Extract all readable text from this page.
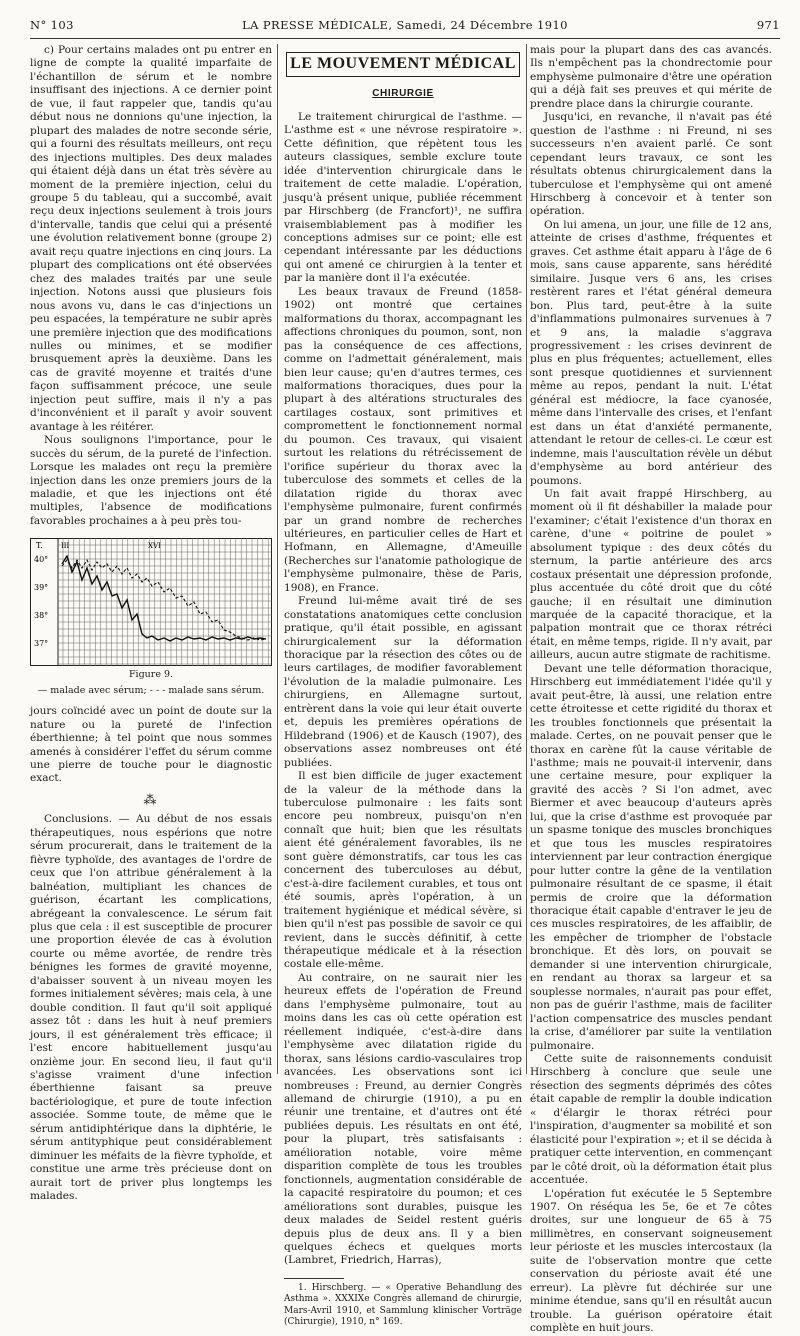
N° 103	LA PRESSE MÉDICALE, Samedi, 24 Décembre 1910	971

c) Pour certains malades ont pu entrer en ligne de compte la qualité imparfaite de l'échantillon de sérum et le nombre insuffisant des injections. A ce dernier point de vue, il faut rappeler que, tandis qu'au début nous ne donnions qu'une injection, la plupart des malades de notre seconde série, qui a fourni des résultats meilleurs, ont reçu des injections multiples. Des deux malades qui étaient déjà dans un état très sévère au moment de la première injection, celui du groupe 5 du tableau, qui a succombé, avait reçu deux injections seulement à trois jours d'intervalle, tandis que celui qui a présenté une évolution relativement bonne (groupe 2) avait reçu quatre injections en cinq jours. La plupart des complications ont été observées chez des malades traités par une seule injection. Notons aussi que plusieurs fois nous avons vu, dans le cas d'injections un peu espacées, la température ne subir après une première injection que des modifications nulles ou minimes, et se modifier brusquement après la deuxième. Dans les cas de gravité moyenne et traités d'une façon suffisamment précoce, une seule injection peut suffire, mais il n'y a pas d'inconvénient et il paraît y avoir souvent avantage à les réitérer.

Nous soulignons l'importance, pour le succès du sérum, de la pureté de l'infection. Lorsque les malades ont reçu la première injection dans les onze premiers jours de la maladie, et que les injections ont été multiples, l'absence de modifications favorables prochaines a à peu près tou-

T.
40°
39°
38°
37°
III	XVI
Figure 9.
— malade avec sérum; - - - malade sans sérum.

jours coïncidé avec un point de doute sur la nature ou la pureté de l'infection éberthienne; à tel point que nous sommes amenés à considérer l'effet du sérum comme une pierre de touche pour le diagnostic exact.

⁂

Conclusions. — Au début de nos essais thérapeutiques, nous espérions que notre sérum procurerait, dans le traitement de la fièvre typhoïde, des avantages de l'ordre de ceux que l'on attribue généralement à la balnéation, multipliant les chances de guérison, écartant les complications, abrégeant la convalescence. Le sérum fait plus que cela : il est susceptible de procurer une proportion élevée de cas à évolution courte ou même avortée, de rendre très bénignes les formes de gravité moyenne, d'abaisser souvent à un niveau moyen les formes initialement sévères; mais cela, à une double condition. Il faut qu'il soit appliqué assez tôt : dans les huit à neuf premiers jours, il est généralement très efficace; il l'est encore habituellement jusqu'au onzième jour. En second lieu, il faut qu'il s'agisse vraiment d'une infection éberthienne faisant sa preuve bactériologique, et pure de toute infection associée. Somme toute, de même que le sérum antidiphtérique dans la diphtérie, le sérum antityphique peut considérablement diminuer les méfaits de la fièvre typhoïde, et constitue une arme très précieuse dont on aurait tort de priver plus longtemps les malades.

LE MOUVEMENT MÉDICAL
CHIRURGIE

Le traitement chirurgical de l'asthme. — L'asthme est « une névrose respiratoire ». Cette définition, que répètent tous les auteurs classiques, semble exclure toute idée d'intervention chirurgicale dans le traitement de cette maladie. L'opération, jusqu'à présent unique, publiée récemment par Hirschberg (de Francfort)¹, ne suffira vraisemblablement pas à modifier les conceptions admises sur ce point; elle est cependant intéressante par les déductions qui ont amené ce chirurgien à la tenter et par la manière dont il l'a exécutée.

Les beaux travaux de Freund (1858-1902) ont montré que certaines malformations du thorax, accompagnant les affections chroniques du poumon, sont, non pas la conséquence de ces affections, comme on l'admettait généralement, mais bien leur cause; qu'en d'autres termes, ces malformations thoraciques, dues pour la plupart à des altérations structurales des cartilages costaux, sont primitives et compromettent le fonctionnement normal du poumon. Ces travaux, qui visaient surtout les relations du rétrécissement de l'orifice supérieur du thorax avec la tuberculose des sommets et celles de la dilatation rigide du thorax avec l'emphysème pulmonaire, furent confirmés par un grand nombre de recherches ultérieures, en particulier celles de Hart et Hofmann, en Allemagne, d'Ameuille (Recherches sur l'anatomie pathologique de l'emphysème pulmonaire, thèse de Paris, 1908), en France.

Freund lui-même avait tiré de ses constatations anatomiques cette conclusion pratique, qu'il était possible, en agissant chirurgicalement sur la déformation thoracique par la résection des côtes ou de leurs cartilages, de modifier favorablement l'évolution de la maladie pulmonaire. Les chirurgiens, en Allemagne surtout, entrèrent dans la voie qui leur était ouverte et, depuis les premières opérations de Hildebrand (1906) et de Kausch (1907), des observations assez nombreuses ont été publiées.

Il est bien difficile de juger exactement de la valeur de la méthode dans la tuberculose pulmonaire : les faits sont encore peu nombreux, puisqu'on n'en connaît que huit; bien que les résultats aient été généralement favorables, ils ne sont guère démonstratifs, car tous les cas concernent des tuberculoses au début, c'est-à-dire facilement curables, et tous ont été soumis, après l'opération, à un traitement hygiénique et médical sévère, si bien qu'il n'est pas possible de savoir ce qui revient, dans le succès définitif, à cette thérapeutique médicale et à la résection costale elle-même.

Au contraire, on ne saurait nier les heureux effets de l'opération de Freund dans l'emphysème pulmonaire, tout au moins dans les cas où cette opération est réellement indiquée, c'est-à-dire dans l'emphysème avec dilatation rigide du thorax, sans lésions cardio-vasculaires trop avancées. Les observations sont ici nombreuses : Freund, au dernier Congrès allemand de chirurgie (1910), a pu en réunir une trentaine, et d'autres ont été publiées depuis. Les résultats en ont été, pour la plupart, très satisfaisants : amélioration notable, voire même disparition complète de tous les troubles fonctionnels, augmentation considérable de la capacité respiratoire du poumon; et ces améliorations sont durables, puisque les deux malades de Seidel restent guéris depuis plus de deux ans. Il y a bien quelques échecs et quelques morts (Lambret, Friedrich, Harras),

1. Hirschberg. — « Operative Behandlung des Asthma ». XXXIXe Congrès allemand de chirurgie, Mars-Avril 1910, et Sammlung klinischer Vorträge (Chirurgie), 1910, n° 169.

mais pour la plupart dans des cas avancés. Ils n'empêchent pas la chondrectomie pour emphysème pulmonaire d'être une opération qui a déjà fait ses preuves et qui mérite de prendre place dans la chirurgie courante.

Jusqu'ici, en revanche, il n'avait pas été question de l'asthme : ni Freund, ni ses successeurs n'en avaient parlé. Ce sont cependant leurs travaux, ce sont les résultats obtenus chirurgicalement dans la tuberculose et l'emphysème qui ont amené Hirschberg à concevoir et à tenter son opération.

On lui amena, un jour, une fille de 12 ans, atteinte de crises d'asthme, fréquentes et graves. Cet asthme était apparu à l'âge de 6 mois, sans cause apparente, sans hérédité similaire. Jusque vers 6 ans, les crises restèrent rares et l'état général demeura bon. Plus tard, peut-être à la suite d'inflammations pulmonaires survenues à 7 et 9 ans, la maladie s'aggrava progressivement : les crises devinrent de plus en plus fréquentes; actuellement, elles sont presque quotidiennes et surviennent même au repos, pendant la nuit. L'état général est médiocre, la face cyanosée, même dans l'intervalle des crises, et l'enfant est dans un état d'anxiété permanente, attendant le retour de celles-ci. Le cœur est indemne, mais l'auscultation révèle un début d'emphysème au bord antérieur des poumons.

Un fait avait frappé Hirschberg, au moment où il fit déshabiller la malade pour l'examiner; c'était l'existence d'un thorax en carène, d'une « poitrine de poulet » absolument typique : des deux côtés du sternum, la partie antérieure des arcs costaux présentait une dépression profonde, plus accentuée du côté droit que du côté gauche; il en résultait une diminution marquée de la capacité thoracique, et la palpation montrait que ce thorax rétréci était, en même temps, rigide. Il n'y avait, par ailleurs, aucun autre stigmate de rachitisme.

Devant une telle déformation thoracique, Hirschberg eut immédiatement l'idée qu'il y avait peut-être, là aussi, une relation entre cette étroitesse et cette rigidité du thorax et les troubles fonctionnels que présentait la malade. Certes, on ne pouvait penser que le thorax en carène fût la cause véritable de l'asthme; mais ne pouvait-il intervenir, dans une certaine mesure, pour expliquer la gravité des accès ? Si l'on admet, avec Biermer et avec beaucoup d'auteurs après lui, que la crise d'asthme est provoquée par un spasme tonique des muscles bronchiques et que tous les muscles respiratoires interviennent par leur contraction énergique pour lutter contre la gêne de la ventilation pulmonaire résultant de ce spasme, il était permis de croire que la déformation thoracique était capable d'entraver le jeu de ces muscles respiratoires, de les affaiblir, de les empêcher de triompher de l'obstacle bronchique. Et dès lors, on pouvait se demander si une intervention chirurgicale, en rendant au thorax sa largeur et sa souplesse normales, n'aurait pas pour effet, non pas de guérir l'asthme, mais de faciliter l'action compensatrice des muscles pendant la crise, d'améliorer par suite la ventilation pulmonaire.

Cette suite de raisonnements conduisit Hirschberg à conclure que seule une résection des segments déprimés des côtes était capable de remplir la double indication « d'élargir le thorax rétréci pour l'inspiration, d'augmenter sa mobilité et son élasticité pour l'expiration »; et il se décida à pratiquer cette intervention, en commençant par le côté droit, où la déformation était plus accentuée.

L'opération fut exécutée le 5 Septembre 1907. On réséqua les 5e, 6e et 7e côtes droites, sur une longueur de 65 à 75 millimètres, en conservant soigneusement leur périoste et les muscles intercostaux (la suite de l'observation montre que cette conservation du périoste avait été une erreur). La plèvre fut déchirée sur une minime étendue, sans qu'il en résultât aucun trouble. La guérison opératoire était complète en huit jours.
